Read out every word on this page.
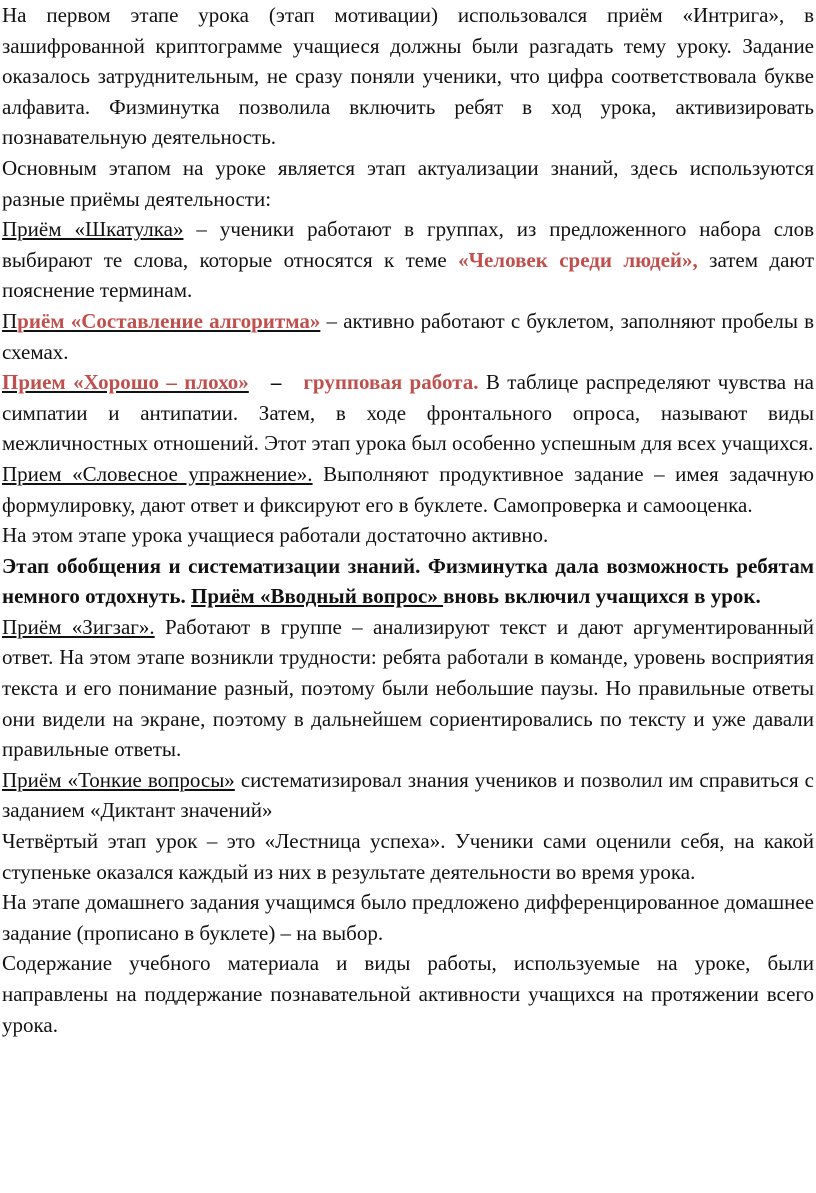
На первом этапе урока (этап мотивации) использовался приём «Интрига», в зашифрованной криптограмме учащиеся должны были разгадать тему уроку. Задание оказалось затруднительным, не сразу поняли ученики, что цифра соответствовала букве алфавита. Физминутка позволила включить ребят в ход урока, активизировать познавательную деятельность.

Основным этапом на уроке является этап актуализации знаний, здесь используются разные приёмы деятельности:

Приём «Шкатулка» – ученики работают в группах, из предложенного набора слов выбирают те слова, которые относятся к теме «Человек среди людей», затем дают пояснение терминам.

Приём «Составление алгоритма» – активно работают с буклетом, заполняют пробелы в схемах.

Прием «Хорошо – плохо»   –   групповая работа. В таблице распределяют чувства на симпатии и антипатии. Затем, в ходе фронтального опроса, называют виды межличностных отношений. Этот этап урока был особенно успешным для всех учащихся.

Прием «Словесное упражнение». Выполняют продуктивное задание – имея задачную формулировку, дают ответ и фиксируют его в буклете. Самопроверка и самооценка.

На этом этапе урока учащиеся работали достаточно активно.

Этап обобщения и систематизации знаний. Физминутка дала возможность ребятам немного отдохнуть. Приём «Вводный вопрос» вновь включил учащихся в урок.

Приём «Зигзаг». Работают в группе – анализируют текст и дают аргументированный ответ. На этом этапе возникли трудности: ребята работали в команде, уровень восприятия текста и его понимание разный, поэтому были небольшие паузы. Но правильные ответы они видели на экране, поэтому в дальнейшем сориентировались по тексту и уже давали правильные ответы.

Приём «Тонкие вопросы» систематизировал знания учеников и позволил им справиться с заданием «Диктант значений»

Четвёртый этап урок – это «Лестница успеха». Ученики сами оценили себя, на какой ступеньке оказался каждый из них в результате деятельности во время урока.

На этапе домашнего задания учащимся было предложено дифференцированное домашнее задание (прописано в буклете) – на выбор.

Содержание учебного материала и виды работы, используемые на уроке, были направлены на поддержание познавательной активности учащихся на протяжении всего урока.
